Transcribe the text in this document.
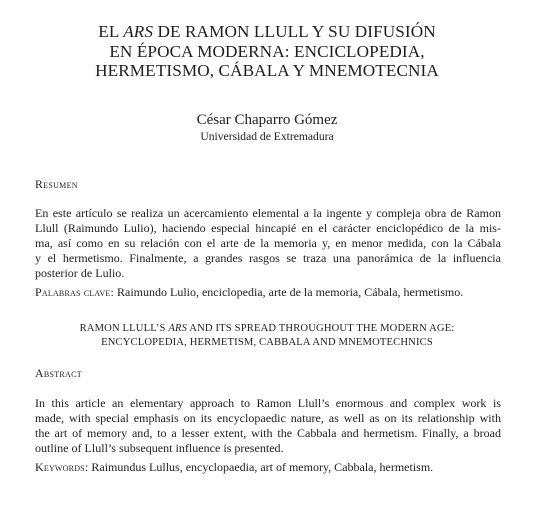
EL ARS DE RAMON LLULL Y SU DIFUSIÓN
EN ÉPOCA MODERNA: ENCICLOPEDIA,
HERMETISMO, CÁBALA Y MNEMOTECNIA
César Chaparro Gómez
Universidad de Extremadura
Resumen

En este artículo se realiza un acercamiento elemental a la ingente y compleja obra de Ramon
Llull (Raimundo Lulio), haciendo especial hincapié en el carácter enciclopédico de la mis-
ma, así como en su relación con el arte de la memoria y, en menor medida, con la Cábala
y el hermetismo. Finalmente, a grandes rasgos se traza una panorámica de la influencia
posterior de Lulio.

Palabras clave: Raimundo Lulio, enciclopedia, arte de la memoria, Cábala, hermetismo.
RAMON LLULL’S ARS AND ITS SPREAD THROUGHOUT THE MODERN AGE:
ENCYCLOPEDIA, HERMETISM, CABBALA AND MNEMOTECHNICS
Abstract

In this article an elementary approach to Ramon Llull’s enormous and complex work is
made, with special emphasis on its encyclopaedic nature, as well as on its relationship with
the art of memory and, to a lesser extent, with the Cabbala and hermetism. Finally, a broad
outline of Llull’s subsequent influence is presented.

Keywords: Raimundus Lullus, encyclopaedia, art of memory, Cabbala, hermetism.
